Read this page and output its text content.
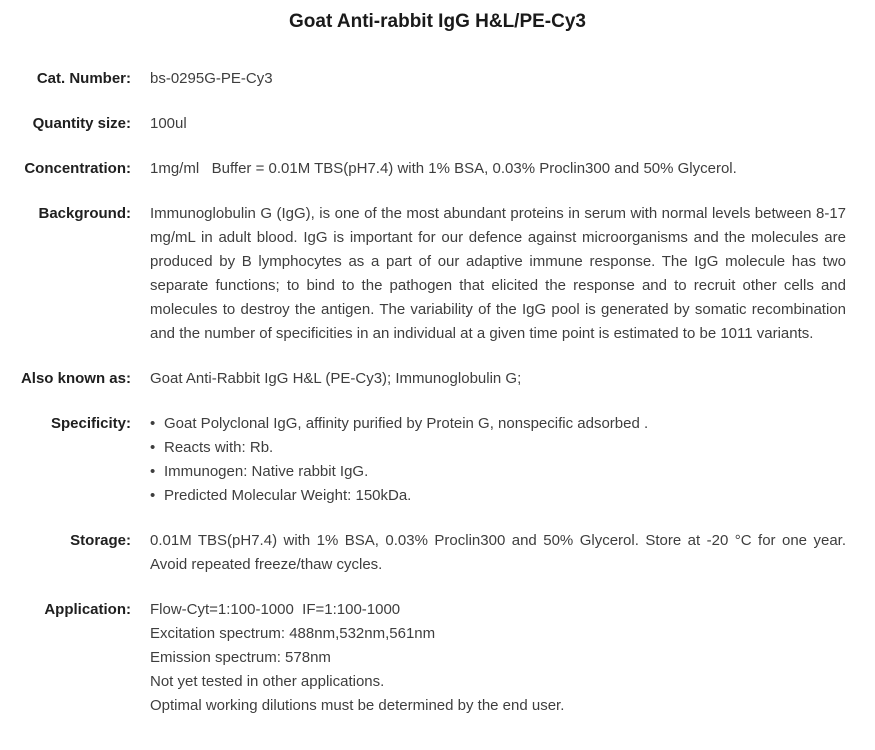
Goat Anti-rabbit IgG H&L/PE-Cy3
Cat. Number: bs-0295G-PE-Cy3
Quantity size: 100ul
Concentration: 1mg/ml   Buffer = 0.01M TBS(pH7.4) with 1% BSA, 0.03% Proclin300 and 50% Glycerol.
Background: Immunoglobulin G (IgG), is one of the most abundant proteins in serum with normal levels between 8-17 mg/mL in adult blood. IgG is important for our defence against microorganisms and the molecules are produced by B lymphocytes as a part of our adaptive immune response. The IgG molecule has two separate functions; to bind to the pathogen that elicited the response and to recruit other cells and molecules to destroy the antigen. The variability of the IgG pool is generated by somatic recombination and the number of specificities in an individual at a given time point is estimated to be 1011 variants.
Also known as: Goat Anti-Rabbit IgG H&L (PE-Cy3); Immunoglobulin G;
Specificity: • Goat Polyclonal IgG, affinity purified by Protein G, nonspecific adsorbed .
• Reacts with: Rb.
• Immunogen: Native rabbit IgG.
• Predicted Molecular Weight: 150kDa.
Storage: 0.01M TBS(pH7.4) with 1% BSA, 0.03% Proclin300 and 50% Glycerol. Store at -20 °C for one year. Avoid repeated freeze/thaw cycles.
Application: Flow-Cyt=1:100-1000  IF=1:100-1000
Excitation spectrum: 488nm,532nm,561nm
Emission spectrum: 578nm
Not yet tested in other applications.
Optimal working dilutions must be determined by the end user.
